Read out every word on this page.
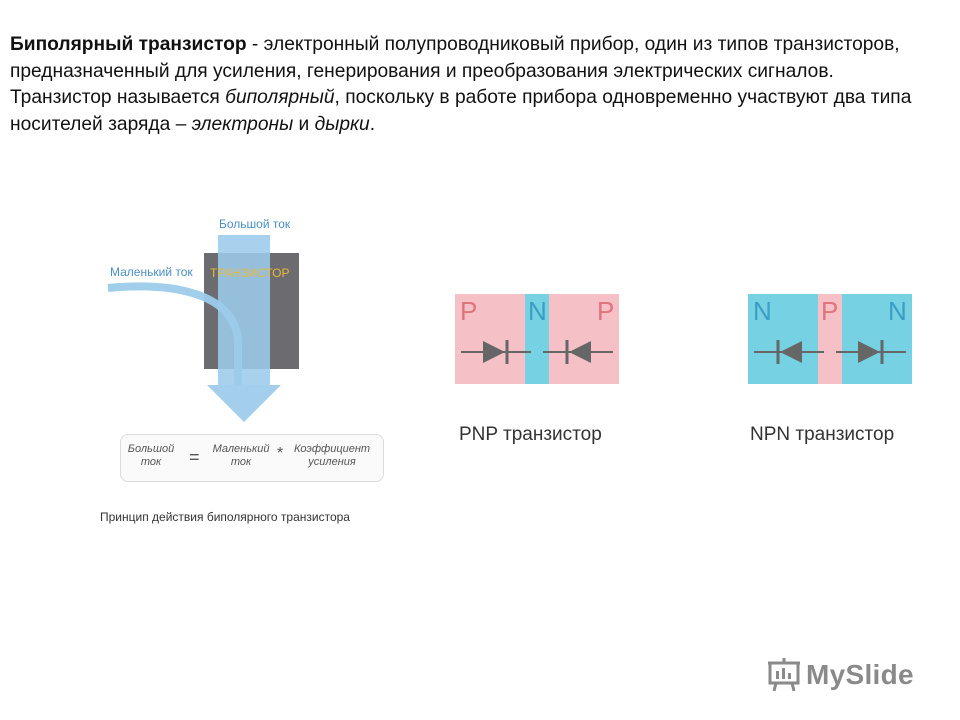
Биполярный транзистор - электронный полупроводниковый прибор, один из типов транзисторов, предназначенный для усиления, генерирования и преобразования электрических сигналов. Транзистор называется биполярный, поскольку в работе прибора одновременно участвуют два типа носителей заряда – электроны и дырки.
Большой ток
Маленький ток ТРАНЗИСТОР
Большой
ток	=	Маленький
ток	* Коэффициент
усиления
Принцип действия биполярного транзистора
P N P
PNP транзистор
N P N
NPN транзистор
MySlide
